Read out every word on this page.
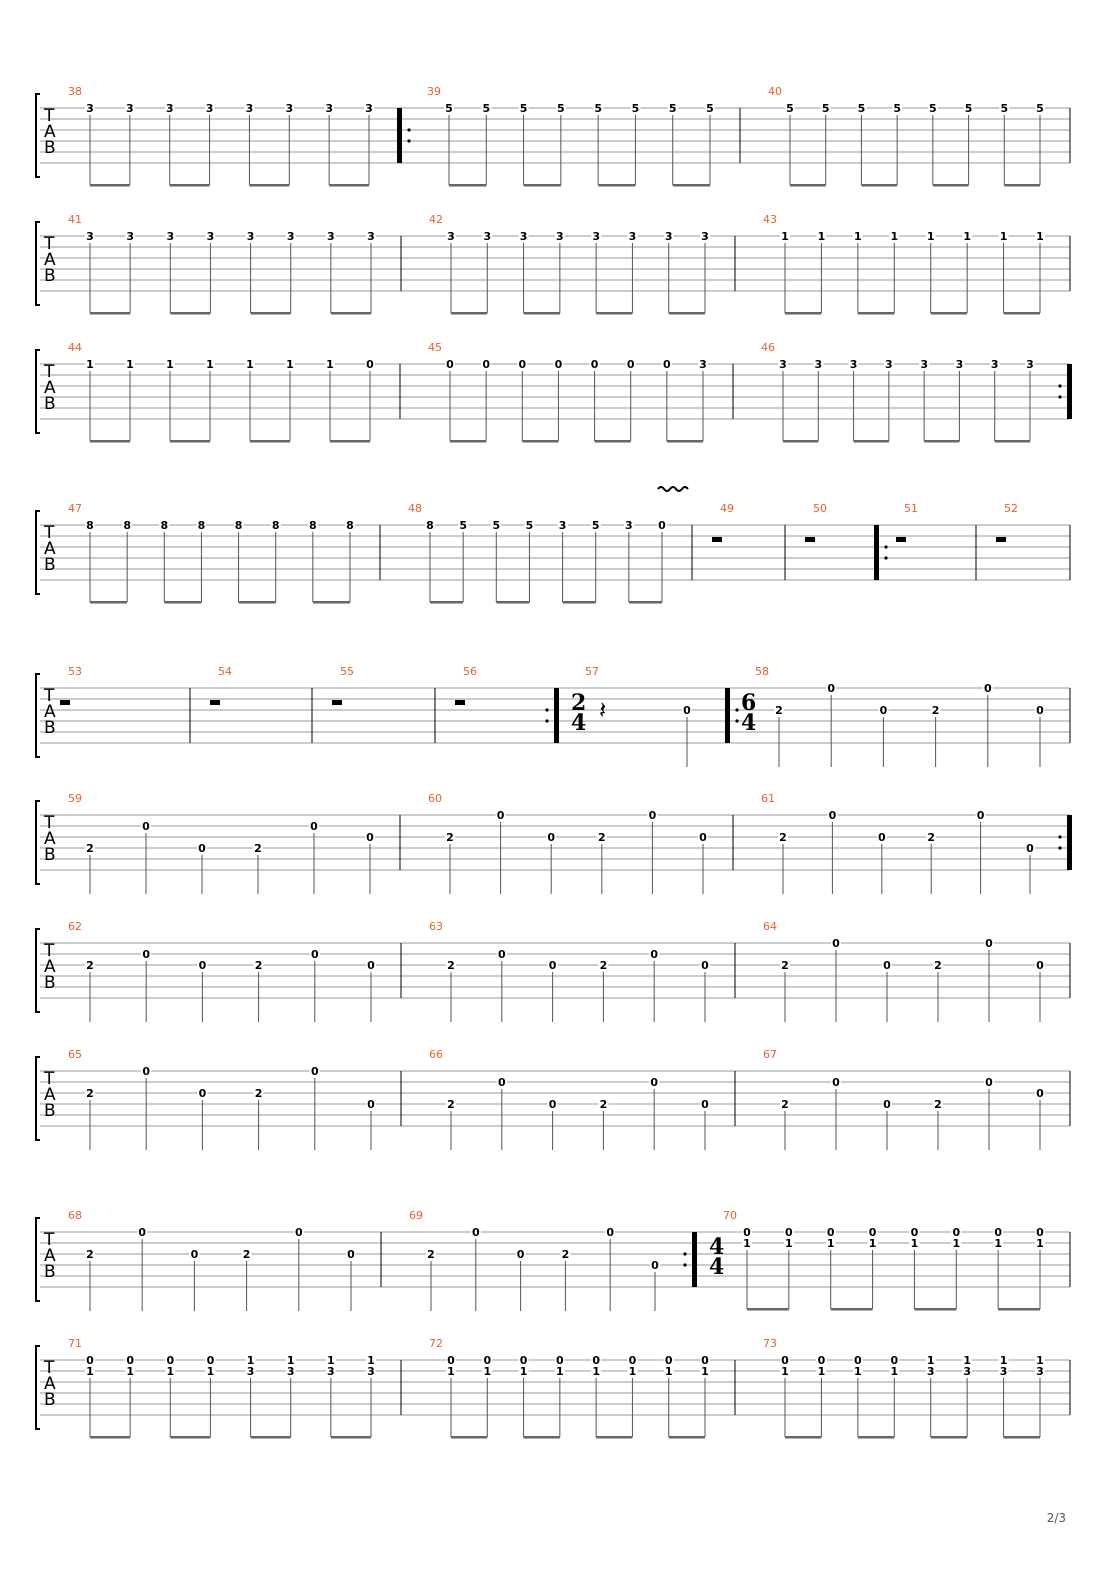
T
A
B
38
3	3	3	3	3	3	3	3
39
5	5	5	5	5	5	5	5
40
5	5	5	5	5	5	5	5
T
A
B
41
3	3	3	3	3	3	3	3
42
3	3	3	3	3	3	3	3
43
1	1	1	1	1	1	1	1
T
A
B
44
1	1	1	1	1	1	1	0
45
0	0	0	0	0	0	0	3
46
3	3	3	3	3	3	3	3
T
A
B
47
8	8	8	8	8	8	8	8
48
8 5 5 5 3 5 3 0
49	50	51	52
T
A
B
2
4
6
4
53	54	55	56	57
𝄽	0
58
2
0
0	2
0
0
T
A
B
59
2
0
0	2
0
0
60
2
0
0	2
0
0
61
2
0
0	2
0
0
T
A
B
62
2
0
0	2
0
0
63
2
0
0	2
0
0
64
2
0
0	2
0
0
T
A
B
65
2
0
0	2
0
0
66
2
0
0	2
0
0
67
2
0
0	2
0
0
T
A
B
4
4
68
2
0
0	2
0
0
69
2
0
0	2
0
0
70
0
1
0
1
0
1
0
1
0
1
0
1
0
1
0
1
T
A
B
71
0
1
0
1
0
1
0
1
1
3
1
3
1
3
1
3
72
0
1
0
1
0
1
0
1
0
1
0
1
0
1
0
1
73
0
1
0
1
0
1
0
1
1
3
1
3
1
3
1
3
2/3
